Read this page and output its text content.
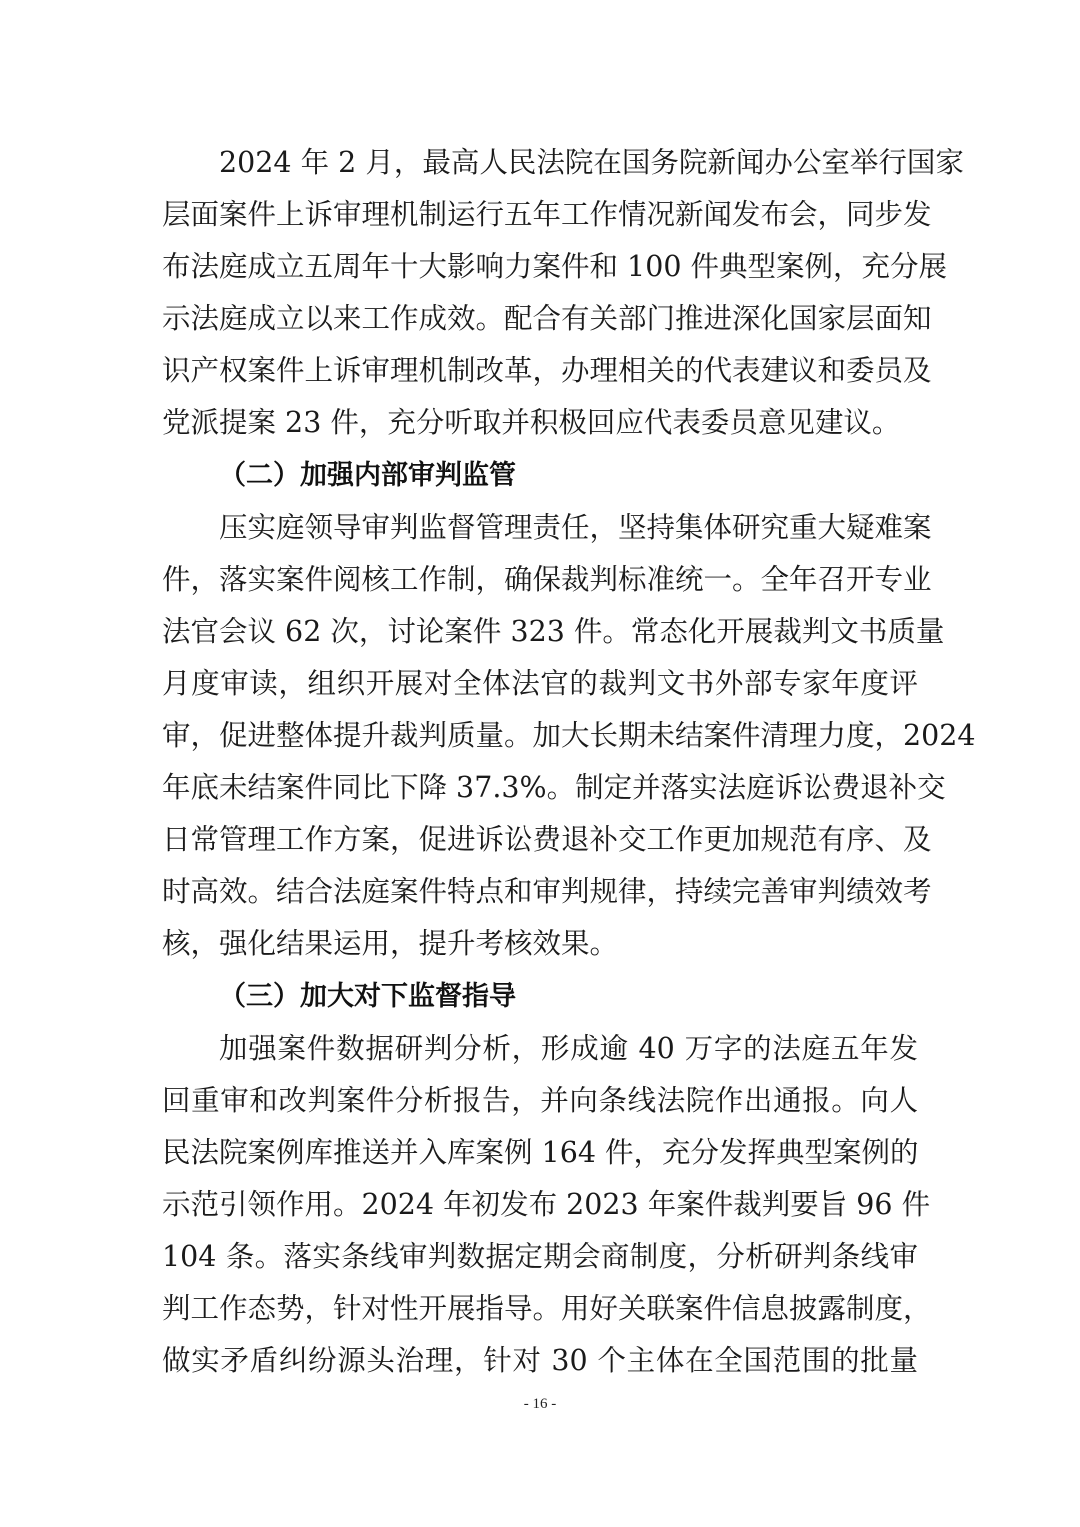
2024 年 2 月，最高人民法院在国务院新闻办公室举行国家
层面案件上诉审理机制运行五年工作情况新闻发布会，同步发
布法庭成立五周年十大影响力案件和 100 件典型案例，充分展
示法庭成立以来工作成效。配合有关部门推进深化国家层面知
识产权案件上诉审理机制改革，办理相关的代表建议和委员及
党派提案 23 件，充分听取并积极回应代表委员意见建议。
（二）加强内部审判监管
压实庭领导审判监督管理责任，坚持集体研究重大疑难案
件，落实案件阅核工作制，确保裁判标准统一。全年召开专业
法官会议 62 次，讨论案件 323 件。常态化开展裁判文书质量
月度审读，组织开展对全体法官的裁判文书外部专家年度评
审，促进整体提升裁判质量。加大长期未结案件清理力度，2024
年底未结案件同比下降 37.3%。制定并落实法庭诉讼费退补交
日常管理工作方案，促进诉讼费退补交工作更加规范有序、及
时高效。结合法庭案件特点和审判规律，持续完善审判绩效考
核，强化结果运用，提升考核效果。
（三）加大对下监督指导
加强案件数据研判分析，形成逾 40 万字的法庭五年发
回重审和改判案件分析报告，并向条线法院作出通报。向人
民法院案例库推送并入库案例 164 件，充分发挥典型案例的
示范引领作用。2024 年初发布 2023 年案件裁判要旨 96 件
104 条。落实条线审判数据定期会商制度，分析研判条线审
判工作态势，针对性开展指导。用好关联案件信息披露制度，
做实矛盾纠纷源头治理，针对 30 个主体在全国范围的批量
- 16 -
